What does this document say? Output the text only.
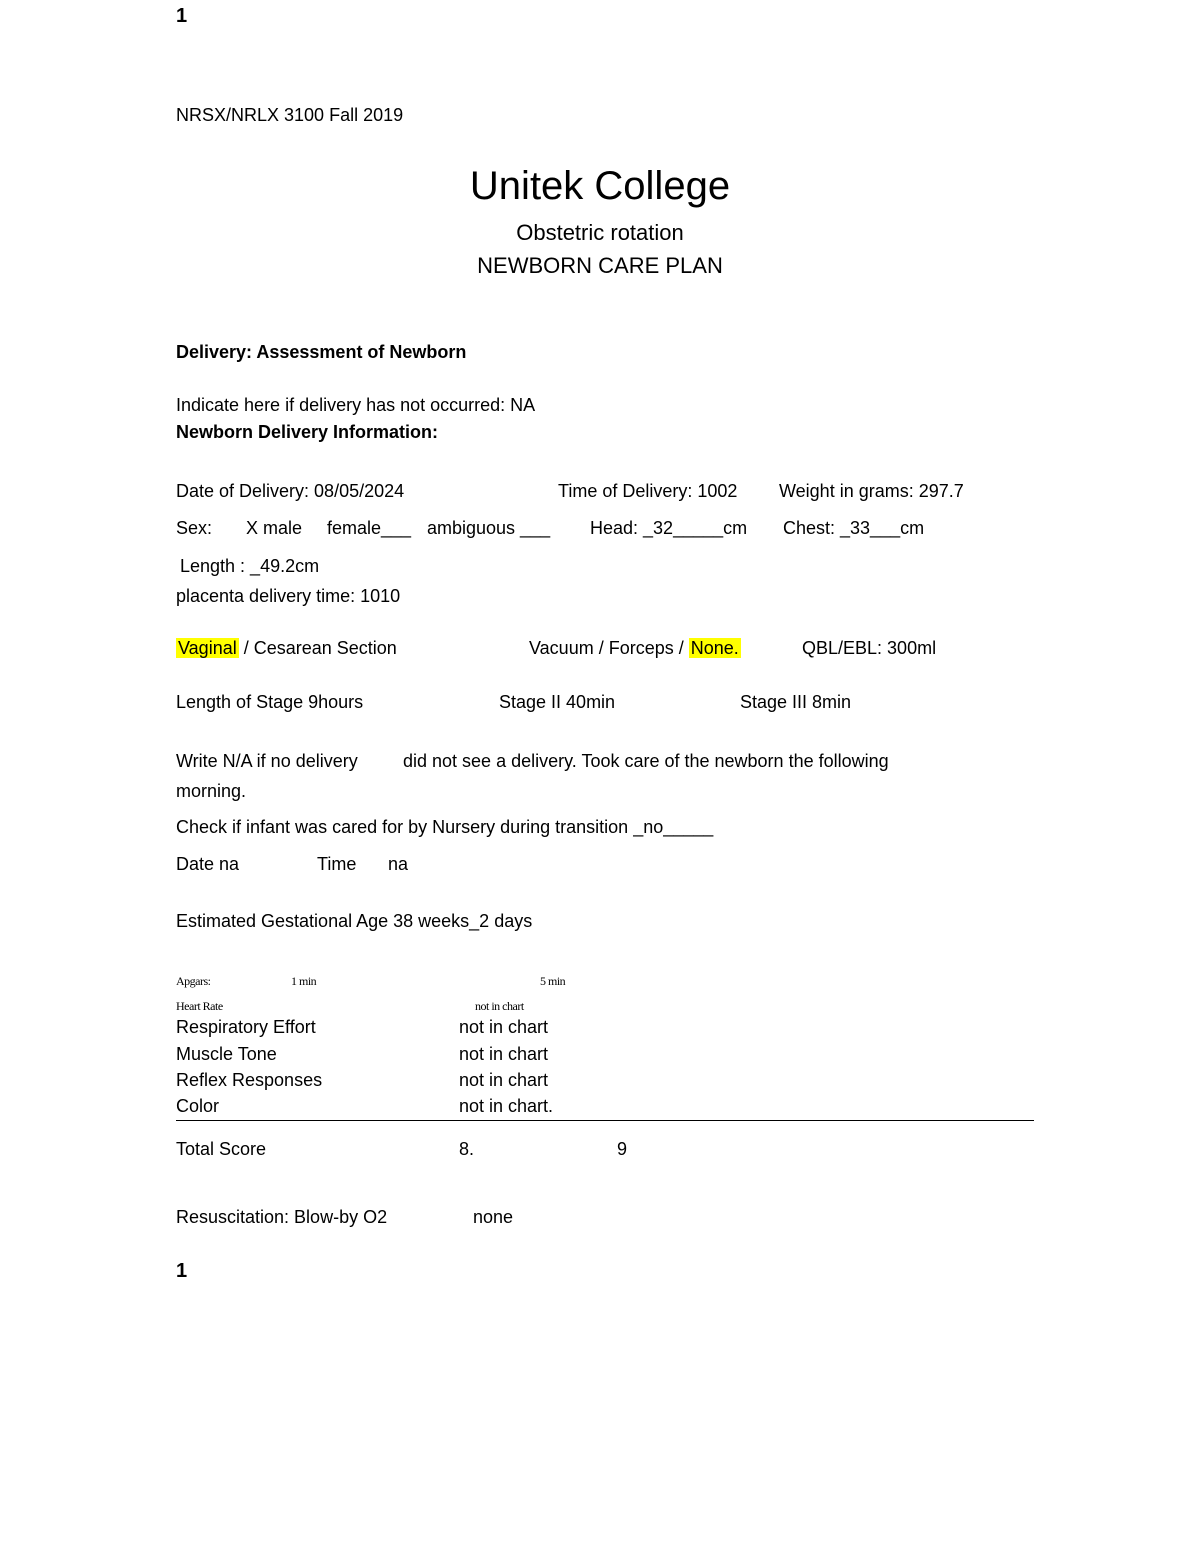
1
NRSX/NRLX 3100 Fall 2019
Unitek College
Obstetric rotation
NEWBORN CARE PLAN
Delivery: Assessment of Newborn
Indicate here if delivery has not occurred: NA
Newborn Delivery Information:
Date of Delivery: 08/05/2024	Time of Delivery: 1002 Weight in grams: 297.7
Sex: X male female___ ambiguous ___ Head: _32_____cm Chest: _33___cm
Length : _49.2cm
placenta delivery time: 1010
Vaginal / Cesarean Section	Vacuum / Forceps / None.	QBL/EBL: 300ml
Length of Stage 9hours	Stage II 40min	Stage III 8min
Write N/A if no delivery	did not see a delivery. Took care of the newborn the following
morning.
Check if infant was cared for by Nursery during transition _no_____
Date na	Time na
Estimated Gestational Age 38 weeks_2 days
Apgars:	1 min	5 min
Heart Rate	not in chart
Respiratory Effort	not in chart
Muscle Tone	not in chart
Reflex Responses	not in chart
Color	not in chart.
Total Score	8.	9
Resuscitation: Blow-by O2	none
1
